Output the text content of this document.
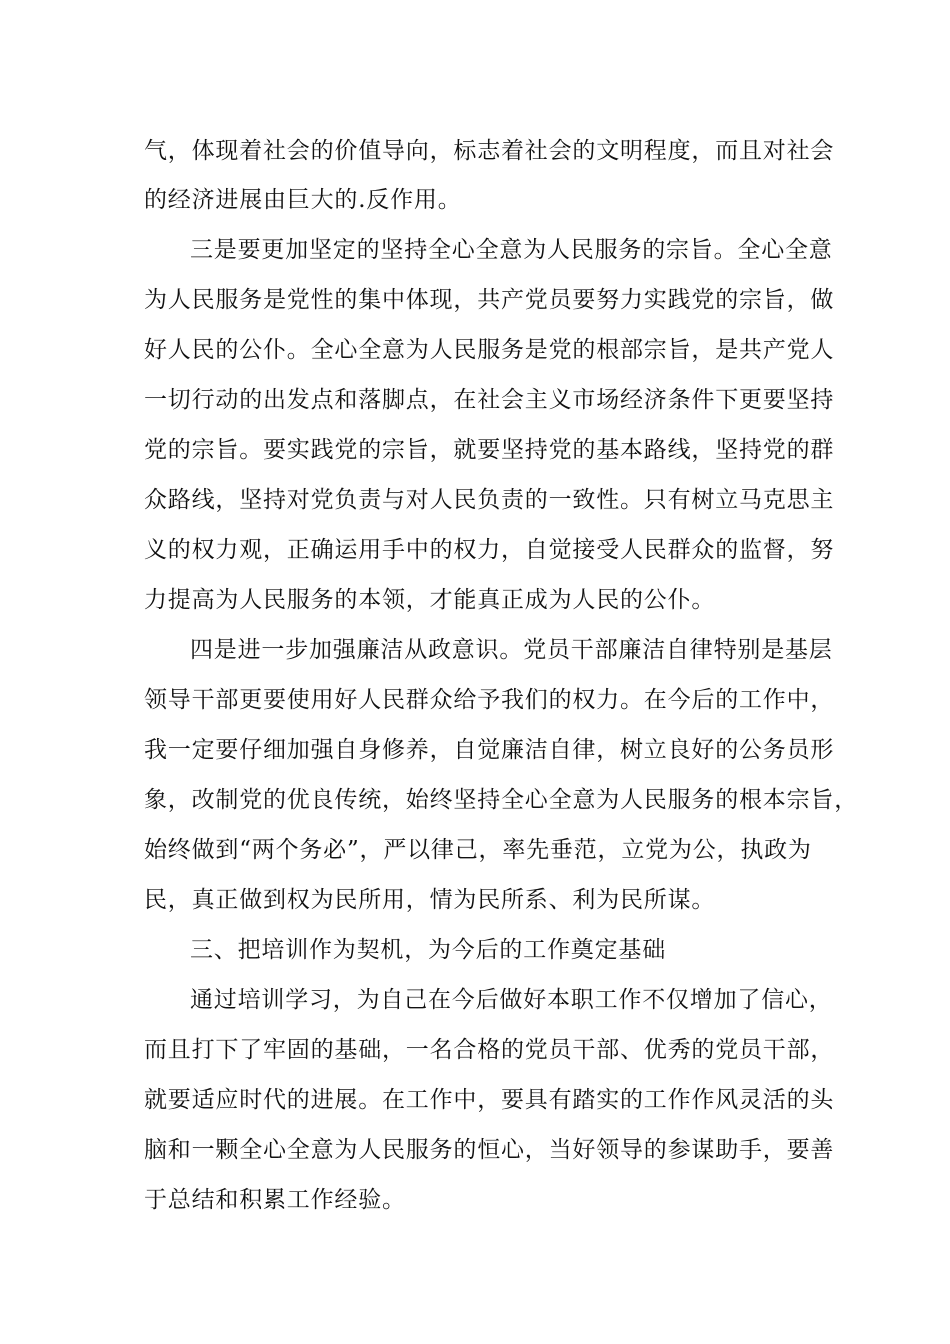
气，体现着社会的价值导向，标志着社会的文明程度，而且对社会
的经济进展由巨大的.反作用。
三是要更加坚定的坚持全心全意为人民服务的宗旨。全心全意
为人民服务是党性的集中体现，共产党员要努力实践党的宗旨，做
好人民的公仆。全心全意为人民服务是党的根部宗旨，是共产党人
一切行动的出发点和落脚点，在社会主义市场经济条件下更要坚持
党的宗旨。要实践党的宗旨，就要坚持党的基本路线，坚持党的群
众路线，坚持对党负责与对人民负责的一致性。只有树立马克思主
义的权力观，正确运用手中的权力，自觉接受人民群众的监督，努
力提高为人民服务的本领，才能真正成为人民的公仆。
四是进一步加强廉洁从政意识。党员干部廉洁自律特别是基层
领导干部更要使用好人民群众给予我们的权力。在今后的工作中，
我一定要仔细加强自身修养，自觉廉洁自律，树立良好的公务员形
象，改制党的优良传统，始终坚持全心全意为人民服务的根本宗旨，
始终做到“两个务必”，严以律己，率先垂范，立党为公，执政为
民，真正做到权为民所用，情为民所系、利为民所谋。
三、把培训作为契机，为今后的工作奠定基础
通过培训学习，为自己在今后做好本职工作不仅增加了信心，
而且打下了牢固的基础，一名合格的党员干部、优秀的党员干部，
就要适应时代的进展。在工作中，要具有踏实的工作作风灵活的头
脑和一颗全心全意为人民服务的恒心，当好领导的参谋助手，要善
于总结和积累工作经验。
